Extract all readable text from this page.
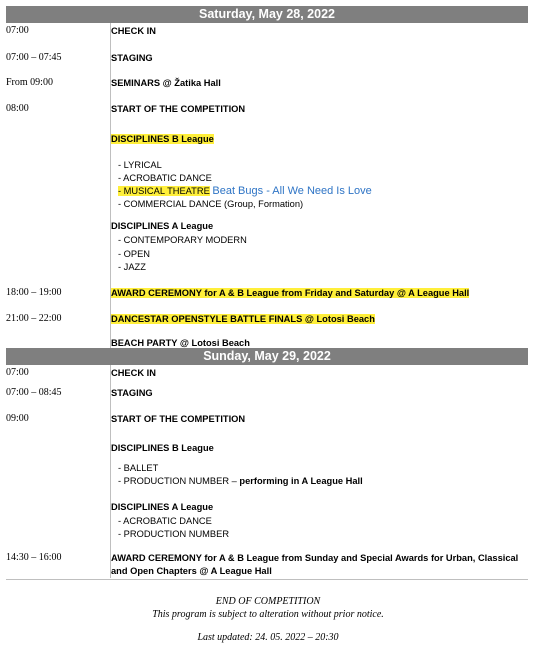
Saturday, May 28, 2022
07:00	CHECK IN
07:00 – 07:45	STAGING
From 09:00	SEMINARS @ Žatika Hall
08:00	START OF THE COMPETITION
DISCIPLINES B League
- LYRICAL
- ACROBATIC DANCE
- MUSICAL THEATRE Beat Bugs - All We Need Is Love
- COMMERCIAL DANCE (Group, Formation)
DISCIPLINES A League
- CONTEMPORARY MODERN
- OPEN
- JAZZ
18:00 – 19:00	AWARD CEREMONY for A & B League from Friday and Saturday @ A League Hall
21:00 – 22:00	DANCESTAR OPENSTYLE BATTLE FINALS @ Lotosi Beach
BEACH PARTY @ Lotosi Beach
Sunday, May 29, 2022
07:00	CHECK IN
07:00 – 08:45	STAGING
09:00	START OF THE COMPETITION
DISCIPLINES B League
- BALLET
- PRODUCTION NUMBER – performing in A League Hall
DISCIPLINES A League
- ACROBATIC DANCE
- PRODUCTION NUMBER
14:30 – 16:00	AWARD CEREMONY for A & B League from Sunday and Special Awards for Urban, Classical and Open Chapters @ A League Hall
END OF COMPETITION
This program is subject to alteration without prior notice.
Last updated: 24. 05. 2022 – 20:30
